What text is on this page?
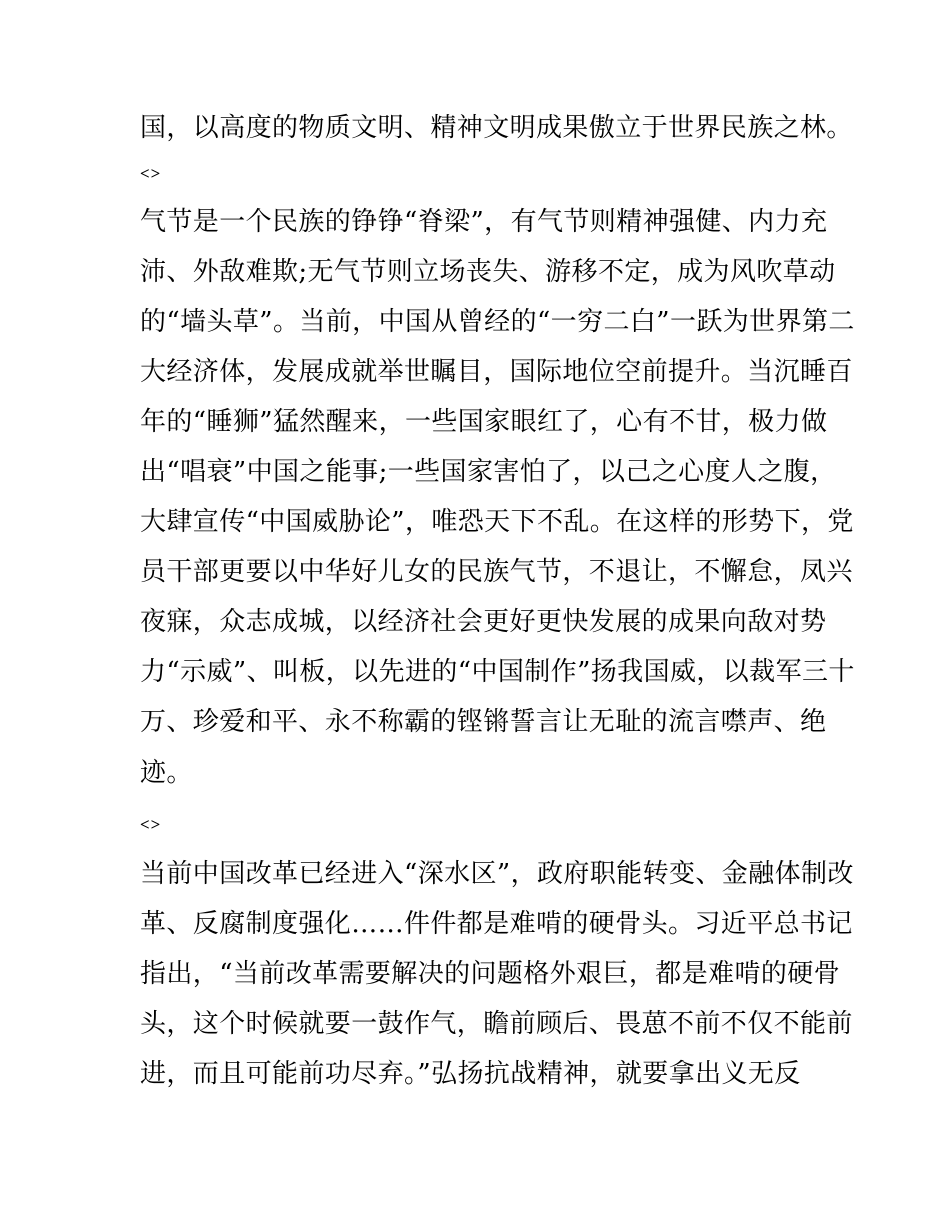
国，以高度的物质文明、精神文明成果傲立于世界民族之林。
<>
气节是一个民族的铮铮“脊梁”，有气节则精神强健、内力充
沛、外敌难欺;无气节则立场丧失、游移不定，成为风吹草动
的“墙头草”。当前，中国从曾经的“一穷二白”一跃为世界第二
大经济体，发展成就举世瞩目，国际地位空前提升。当沉睡百
年的“睡狮”猛然醒来，一些国家眼红了，心有不甘，极力做
出“唱衰”中国之能事;一些国家害怕了，以己之心度人之腹，
大肆宣传“中国威胁论”，唯恐天下不乱。在这样的形势下，党
员干部更要以中华好儿女的民族气节，不退让，不懈怠，凤兴
夜寐，众志成城，以经济社会更好更快发展的成果向敌对势
力“示威”、叫板，以先进的“中国制作”扬我国威，以裁军三十
万、珍爱和平、永不称霸的铿锵誓言让无耻的流言噤声、绝
迹。
<>
当前中国改革已经进入“深水区”，政府职能转变、金融体制改
革、反腐制度强化……件件都是难啃的硬骨头。习近平总书记
指出，“当前改革需要解决的问题格外艰巨，都是难啃的硬骨
头，这个时候就要一鼓作气，瞻前顾后、畏葸不前不仅不能前
进，而且可能前功尽弃。”弘扬抗战精神，就要拿出义无反
